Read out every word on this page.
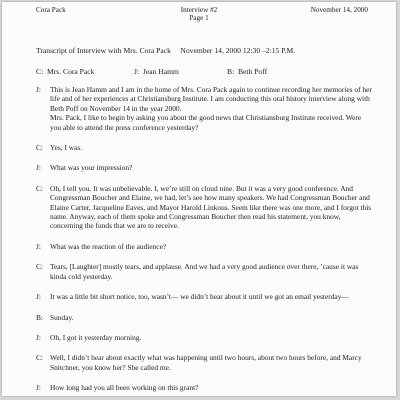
Cora Pack	Interview #2
Page 1
November 14, 2000
Transcript of Interview with Mrs. Cora Pack     November 14, 2000 12:30 –2:15 P.M.
C:  Mrs. Cora Pack	J:  Jean Hamm	B:  Beth Poff
J:	This is Jean Hamm and I am in the home of Mrs. Cora Pack again to continue recording her memories of her life and of her experiences at Christiansburg Institute. I am conducting this oral history interview along with Beth Poff on November 14 in the year 2000.

Mrs. Pack, I like to begin by asking you about the good news that Christiansburg Institute received. Were you able to attend the press conference yesterday?

C: Yes, I was.

J:	What was your impression?

C: Oh, I tell you. It was unbelievable. I, we’re still on cloud nine. But it was a very good conference. And Congressman Boucher and Elaine, we had, let’s see how many speakers. We had Congressman Boucher and Elaine Carter, Jacqueline Eaves, and Mayor Harold Linkous. Seem like there was one more, and I forgot this name. Anyway, each of them spoke and Congressman Boucher then read his statement, you know, concerning the funds that we are to receive.

J:	What was the reaction of the audience?

C: Tears, [Laughter] mostly tears, and applause. And we had a very good audience over there, ’cause it was kinda cold yesterday.

J:	It was a little bit short notice, too, wasn’t— we didn’t hear about it until we got an email yesterday—

B: Sunday.

J:	Oh, I got it yesterday morning.

C: Well, I didn’t hear about exactly what was happening until two hours, about two hours before, and Marcy Snitchner, you know her? She called me.

J:	How long had you all been working on this grant?
